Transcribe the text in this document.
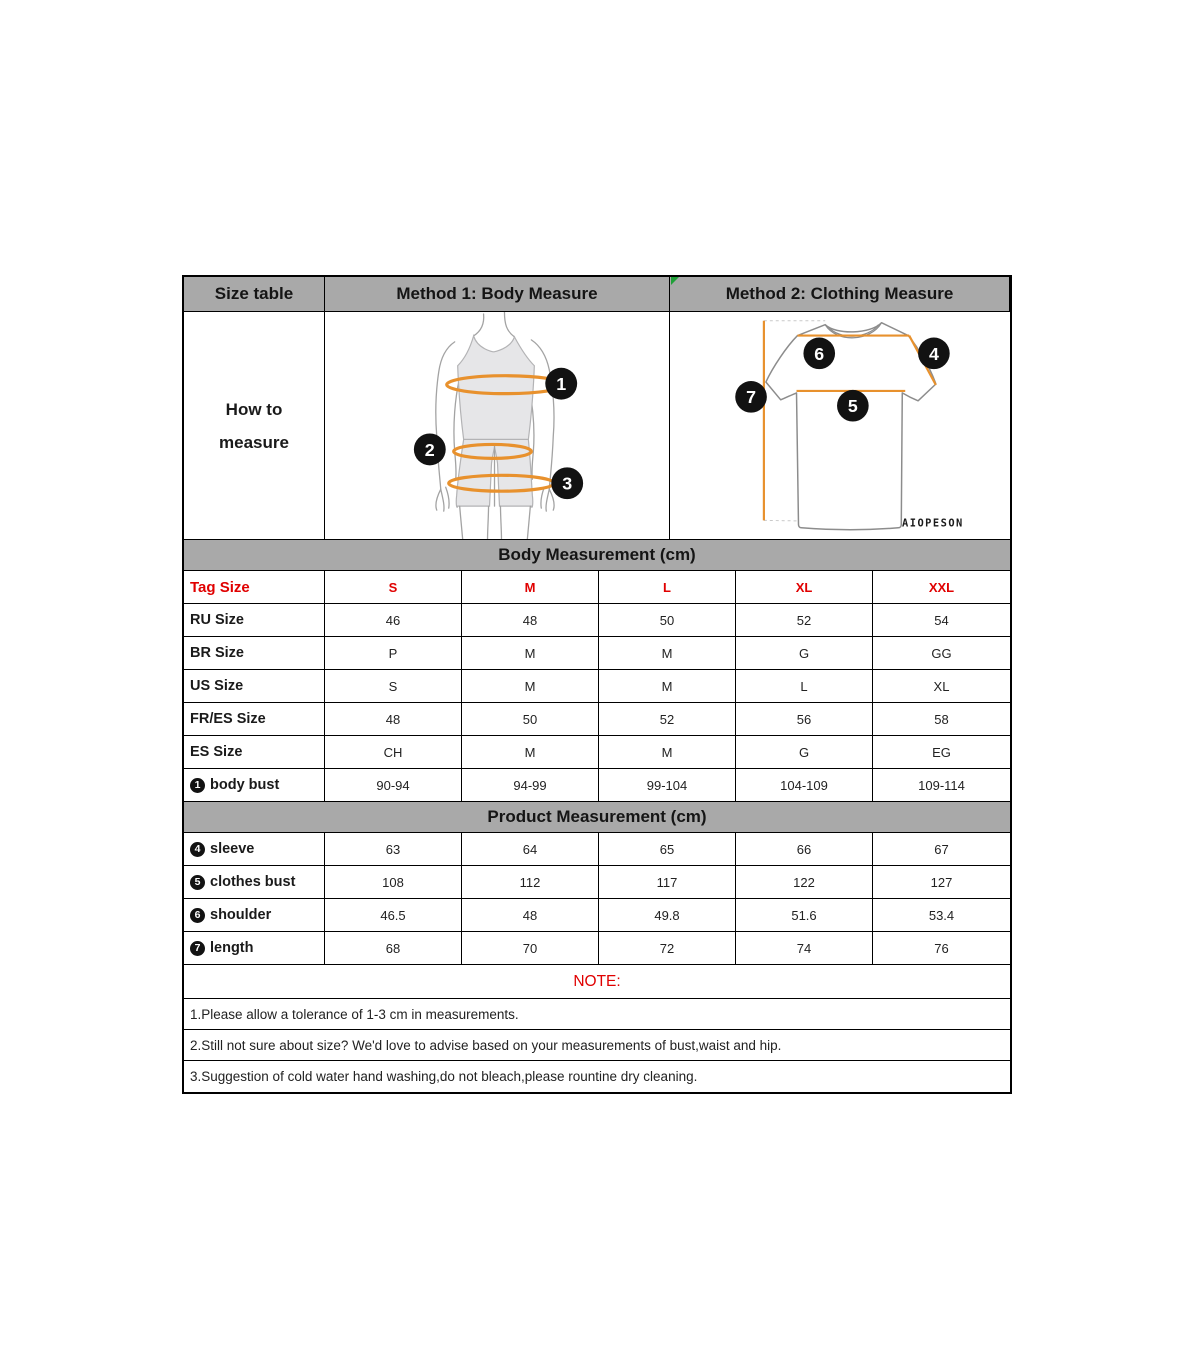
Size table	Method 1: Body Measure	Method 2: Clothing Measure
How to
measure
1
2
3
6	4
7	5
AIOPESON
Body Measurement (cm)
Tag Size	S	M	L	XL	XXL
RU Size	46	48	50	52	54
BR Size	P	M	M	G	GG
US Size	S	M	M	L	XL
FR/ES Size	48	50	52	56	58
ES Size	CH	M	M	G	EG
1 body bust	90-94	94-99	99-104	104-109	109-114
Product Measurement (cm)
4 sleeve	63	64	65	66	67
5 clothes bust	108	112	117	122	127
6 shoulder	46.5	48	49.8	51.6	53.4
7 length	68	70	72	74	76
NOTE:
1.Please allow a tolerance of 1-3 cm in measurements.
2.Still not sure about size? We'd love to advise based on your measurements of bust,waist and hip.
3.Suggestion of cold water hand washing,do not bleach,please rountine dry cleaning.
